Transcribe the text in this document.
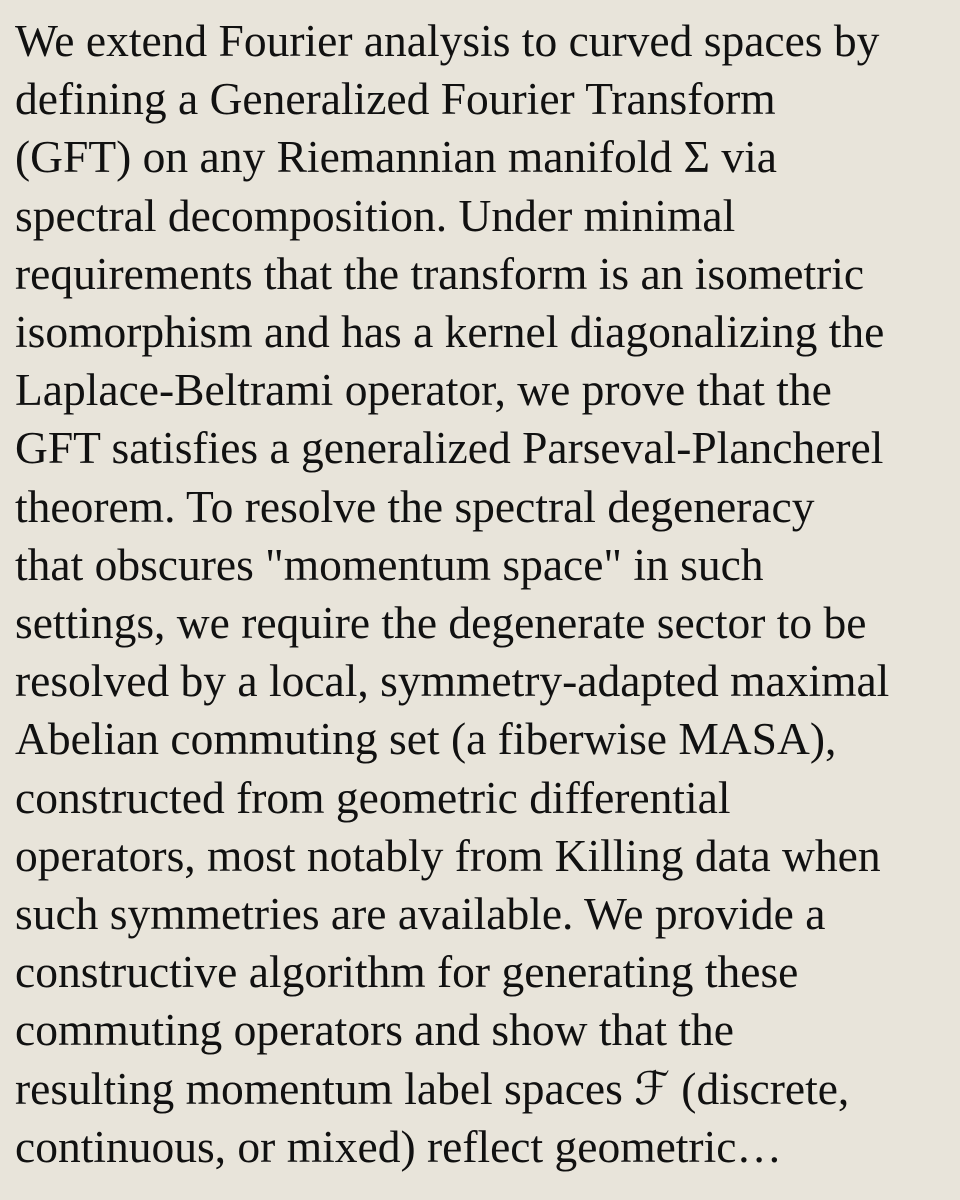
We extend Fourier analysis to curved spaces by
defining a Generalized Fourier Transform
(GFT) on any Riemannian manifold Σ via
spectral decomposition. Under minimal
requirements that the transform is an isometric
isomorphism and has a kernel diagonalizing the
Laplace-Beltrami operator, we prove that the
GFT satisfies a generalized Parseval-Plancherel
theorem. To resolve the spectral degeneracy
that obscures "momentum space" in such
settings, we require the degenerate sector to be
resolved by a local, symmetry-adapted maximal
Abelian commuting set (a fiberwise MASA),
constructed from geometric differential
operators, most notably from Killing data when
such symmetries are available. We provide a
constructive algorithm for generating these
commuting operators and show that the
resulting momentum label spaces ℱ (discrete,
continuous, or mixed) reflect geometric…
